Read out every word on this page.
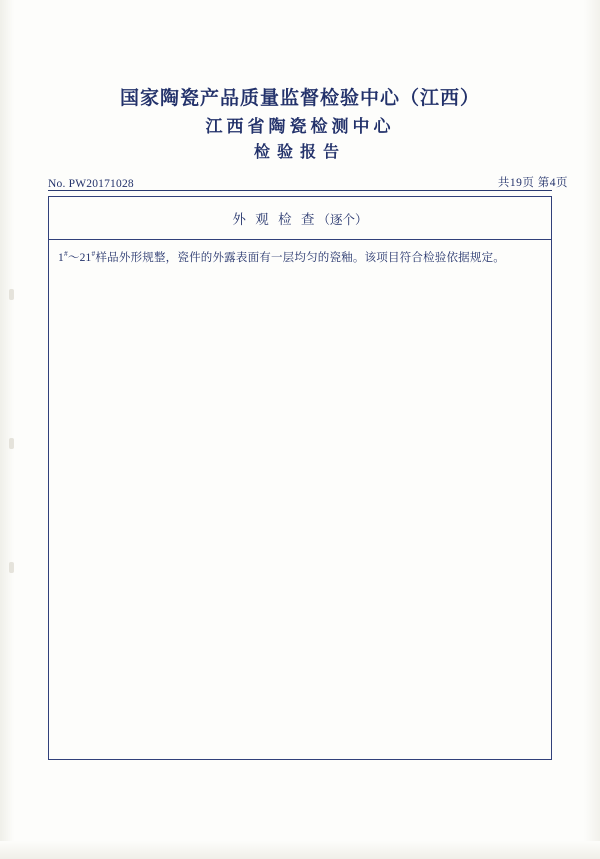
国家陶瓷产品质量监督检验中心（江西）
江西省陶瓷检测中心
检验报告
No. PW20171028	共19页 第4页
外 观 检 查（逐个）
1#～21#样品外形规整，瓷件的外露表面有一层均匀的瓷釉。该项目符合检验依据规定。
